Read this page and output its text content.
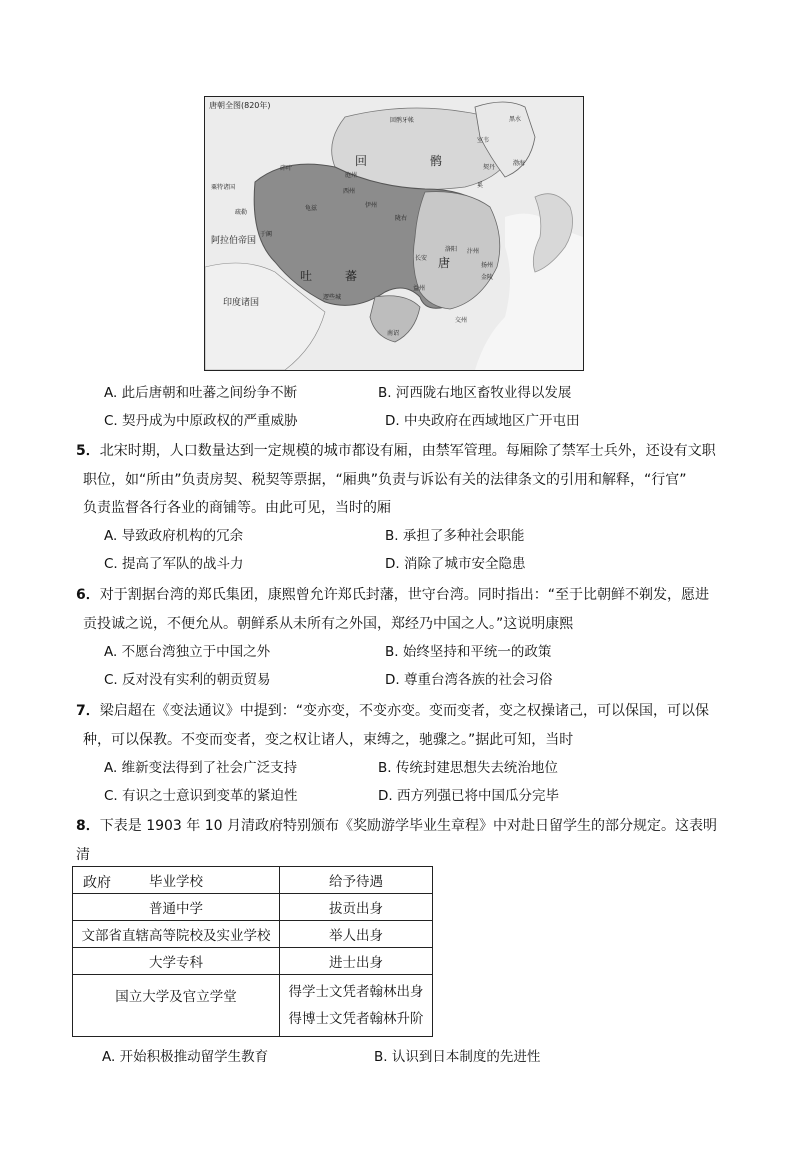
唐朝全图(820年)
回	鹘
吐	蕃
唐
长安
洛阳 汴州
扬州
金陵
南诏
益州
逻些城
疏勒
于阗
龟兹
西州
伊州
庭州
碎叶
回鹘牙帐	黑水
渤海
奚
室韦
契丹
陇右
阿拉伯帝国
粟特诸国
印度诸国
交州
A. 此后唐朝和吐蕃之间纷争不断	B. 河西陇右地区畜牧业得以发展
C. 契丹成为中原政权的严重威胁	D. 中央政府在西域地区广开屯田
5．北宋时期，人口数量达到一定规模的城市都设有厢，由禁军管理。每厢除了禁军士兵外，还设有文职
职位，如“所由”负责房契、税契等票据，“厢典”负责与诉讼有关的法律条文的引用和解释，“行官”
负责监督各行各业的商铺等。由此可见，当时的厢
A. 导致政府机构的冗余	B. 承担了多种社会职能
C. 提高了军队的战斗力	D. 消除了城市安全隐患
6．对于割据台湾的郑氏集团，康熙曾允许郑氏封藩，世守台湾。同时指出：“至于比朝鲜不剃发，愿进
贡投诚之说，不便允从。朝鲜系从未所有之外国，郑经乃中国之人。”这说明康熙
A. 不愿台湾独立于中国之外	B. 始终坚持和平统一的政策
C. 反对没有实利的朝贡贸易	D. 尊重台湾各族的社会习俗
7．梁启超在《变法通议》中提到：“变亦变，不变亦变。变而变者，变之权操诸己，可以保国，可以保
种，可以保教。不变而变者，变之权让诸人，束缚之，驰骤之。”据此可知，当时
A. 维新变法得到了社会广泛支持	B. 传统封建思想失去统治地位
C. 有识之士意识到变革的紧迫性	D. 西方列强已将中国瓜分完毕
8．下表是 1903 年 10 月清政府特别颁布《奖励游学毕业生章程》中对赴日留学生的部分规定。这表明清
政府	毕业学校	给予待遇
普通中学	拔贡出身
文部省直辖高等院校及实业学校	举人出身
大学专科	进士出身
国立大学及官立学堂	得学士文凭者翰林出身
得博士文凭者翰林升阶
A. 开始积极推动留学生教育	B. 认识到日本制度的先进性
